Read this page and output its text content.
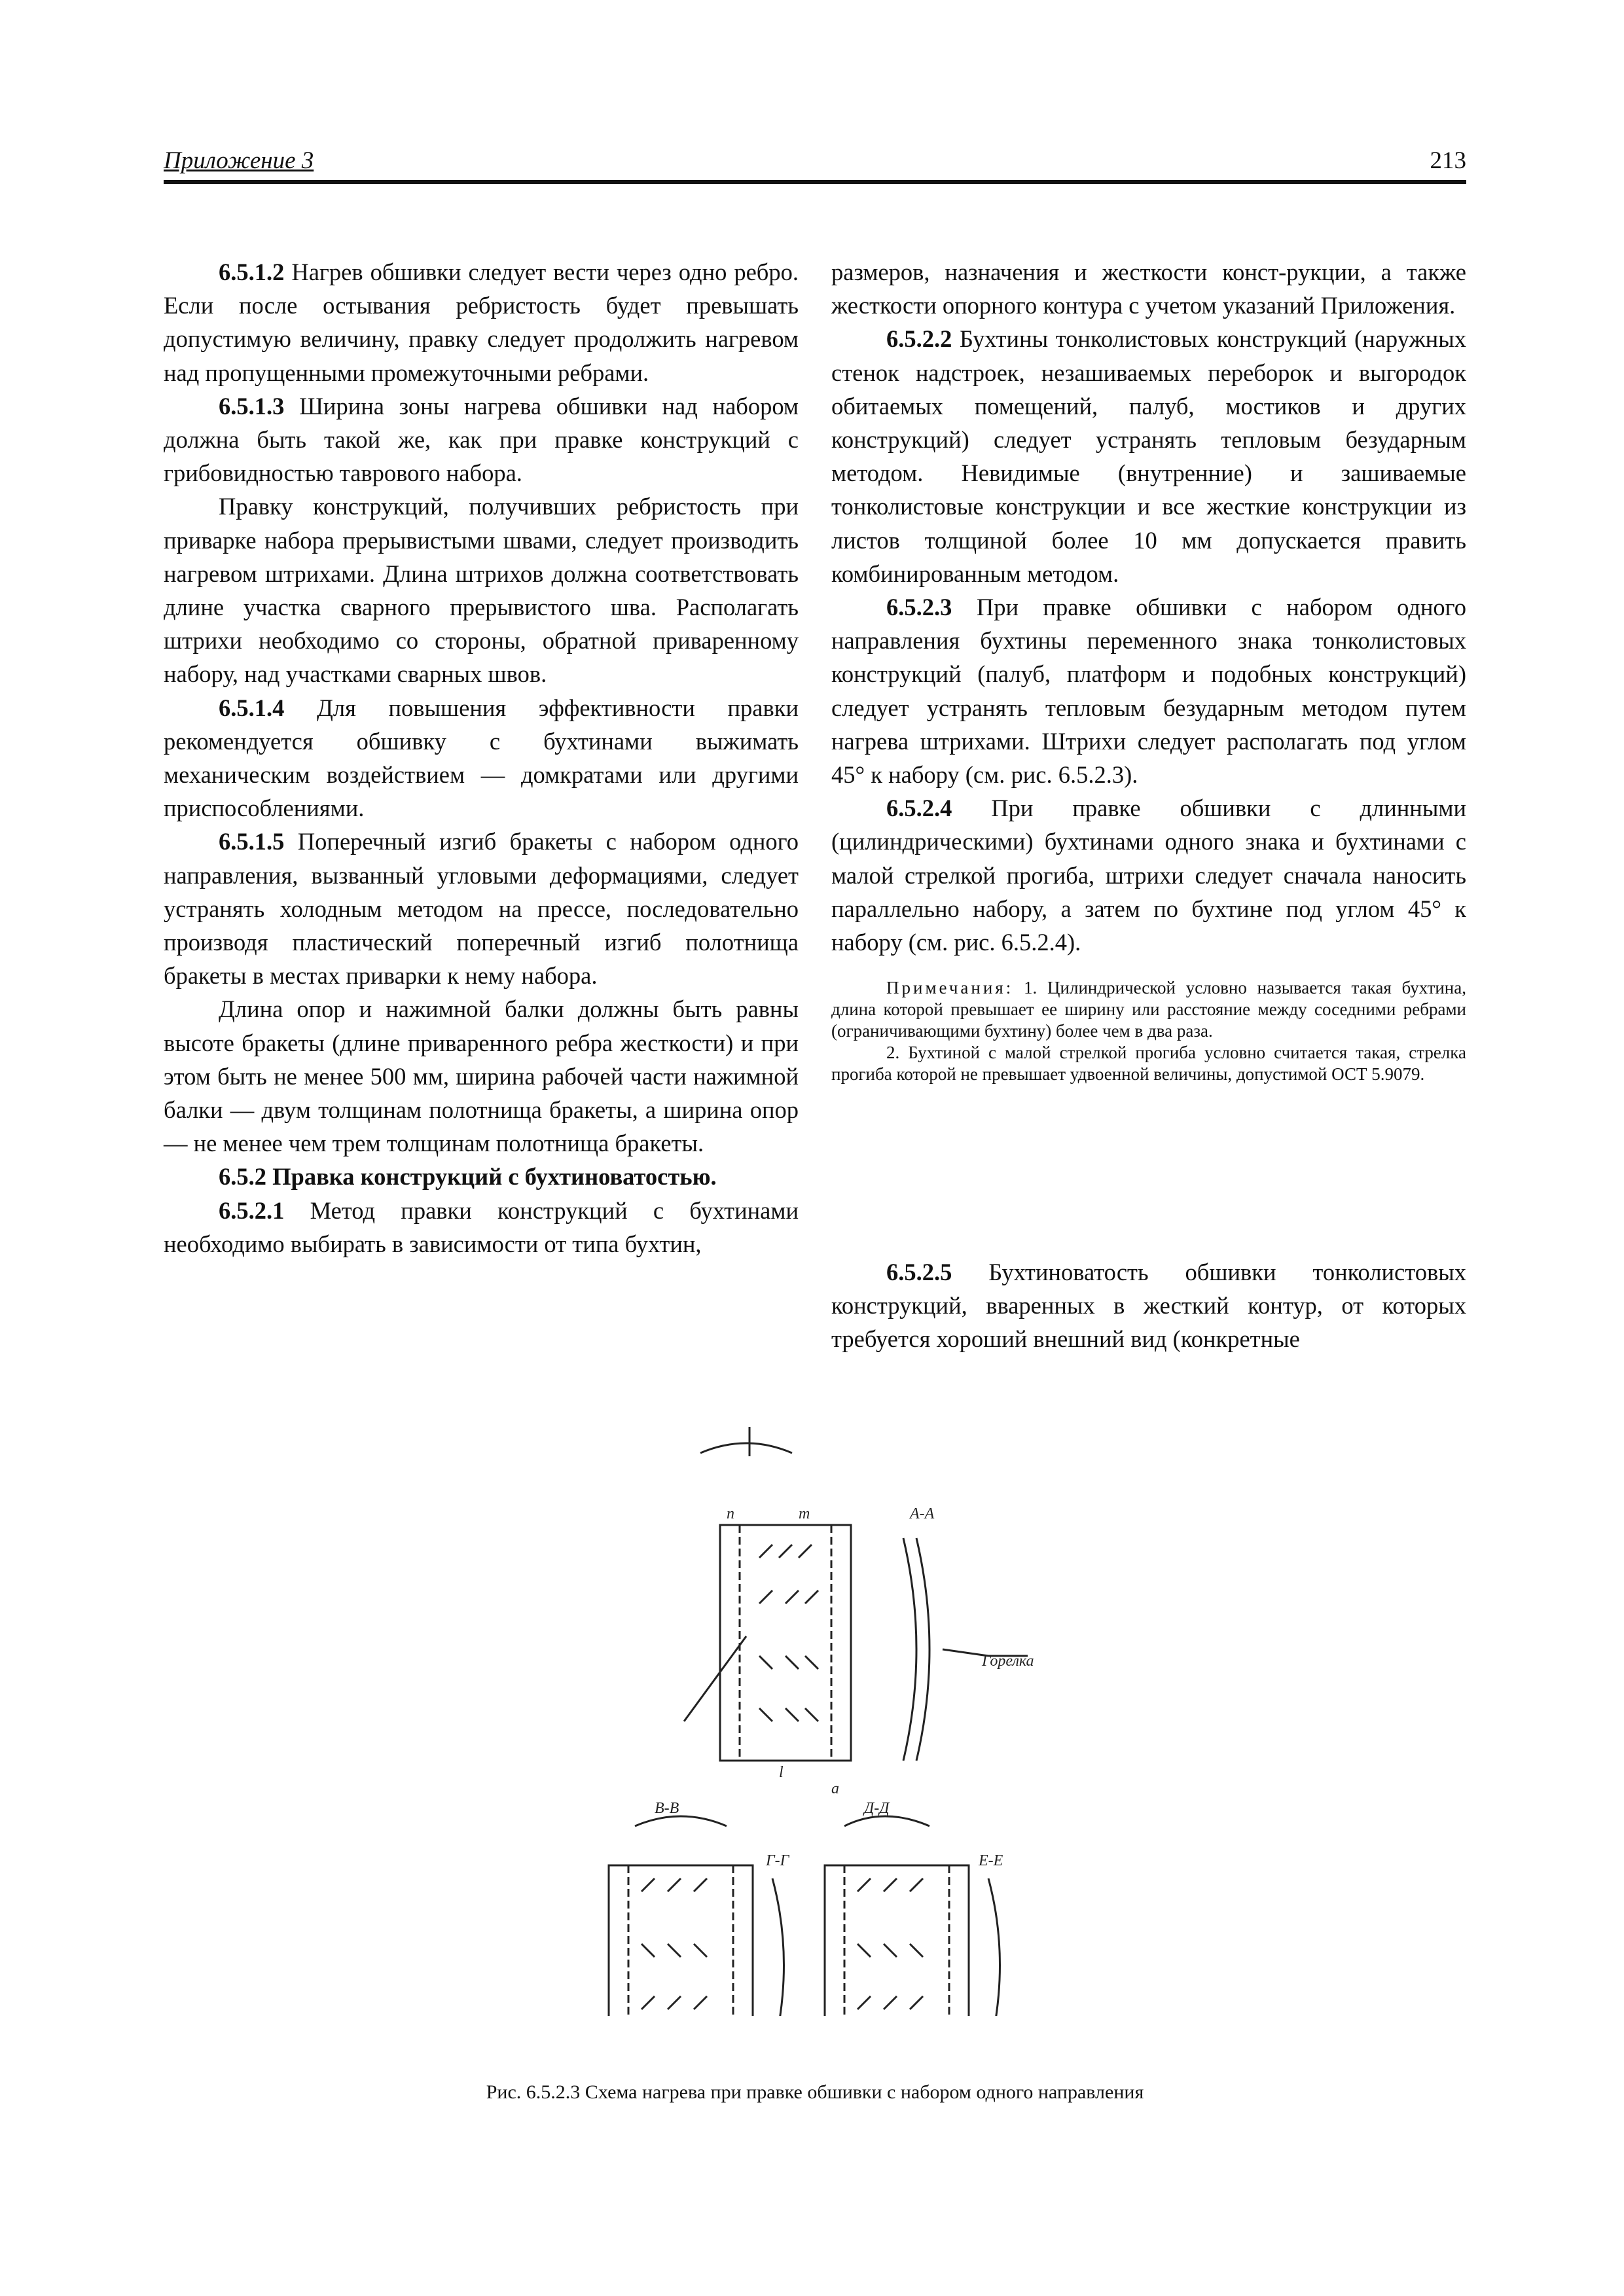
Приложение 3	213

6.5.1.2 Нагрев обшивки следует вести через одно ребро. Если после остывания ребристость будет превышать допустимую величину, правку следует продолжить нагревом над пропущенными промежуточными ребрами.

6.5.1.3 Ширина зоны нагрева обшивки над набором должна быть такой же, как при правке конструкций с грибовидностью таврового набора.

Правку конструкций, получивших ребристость при приварке набора прерывистыми швами, следует производить нагревом штрихами. Длина штрихов должна соответствовать длине участка сварного прерывистого шва. Располагать штрихи необходимо со стороны, обратной приваренному набору, над участками сварных швов.

6.5.1.4 Для повышения эффективности правки рекомендуется обшивку с бухтинами выжимать механическим воздействием — домкратами или другими приспособлениями.

6.5.1.5 Поперечный изгиб бракеты с набором одного направления, вызванный угловыми деформациями, следует устранять холодным методом на прессе, последовательно производя пластический поперечный изгиб полотнища бракеты в местах приварки к нему набора.

Длина опор и нажимной балки должны быть равны высоте бракеты (длине приваренного ребра жесткости) и при этом быть не менее 500 мм, ширина рабочей части нажимной балки — двум толщинам полотнища бракеты, а ширина опор — не менее чем трем толщинам полотнища бракеты.

6.5.2 Правка конструкций с бухтиноватостью.

6.5.2.1 Метод правки конструкций с бухтинами необходимо выбирать в зависимости от типа бухтин,

размеров, назначения и жесткости конст-рукции, а также жесткости опорного контура с учетом указаний Приложения.

6.5.2.2 Бухтины тонколистовых конструкций (наружных стенок надстроек, незашиваемых переборок и выгородок обитаемых помещений, палуб, мостиков и других конструкций) следует устранять тепловым безударным методом. Невидимые (внутренние) и зашиваемые тонколистовые конструкции и все жесткие конструкции из листов толщиной более 10 мм допускается править комбинированным методом.

6.5.2.3 При правке обшивки с набором одного направления бухтины переменного знака тонколистовых конструкций (палуб, платформ и подобных конструкций) следует устранять тепловым безударным методом путем нагрева штрихами. Штрихи следует располагать под углом 45° к набору (см. рис. 6.5.2.3).

6.5.2.4 При правке обшивки с длинными (цилиндрическими) бухтинами одного знака и бухтинами с малой стрелкой прогиба, штрихи следует сначала наносить параллельно набору, а затем по бухтине под углом 45° к набору (см. рис. 6.5.2.4).

Примечания: 1. Цилиндрической условно называется такая бухтина, длина которой превышает ее ширину или расстояние между соседними ребрами (ограничивающими бухтину) более чем в два раза.

2. Бухтиной с малой стрелкой прогиба условно считается такая, стрелка прогиба которой не превышает удвоенной величины, допустимой ОСТ 5.9079.

6.5.2.5 Бухтиноватость обшивки тонколистовых конструкций, вваренных в жесткий контур, от которых требуется хороший внешний вид (конкретные

А-А
n	m
l
а
Горелка
В-В
Г-Г
Д-Д
Е-Е
Рис. 6.5.2.3 Схема нагрева при правке обшивки с набором одного направления
